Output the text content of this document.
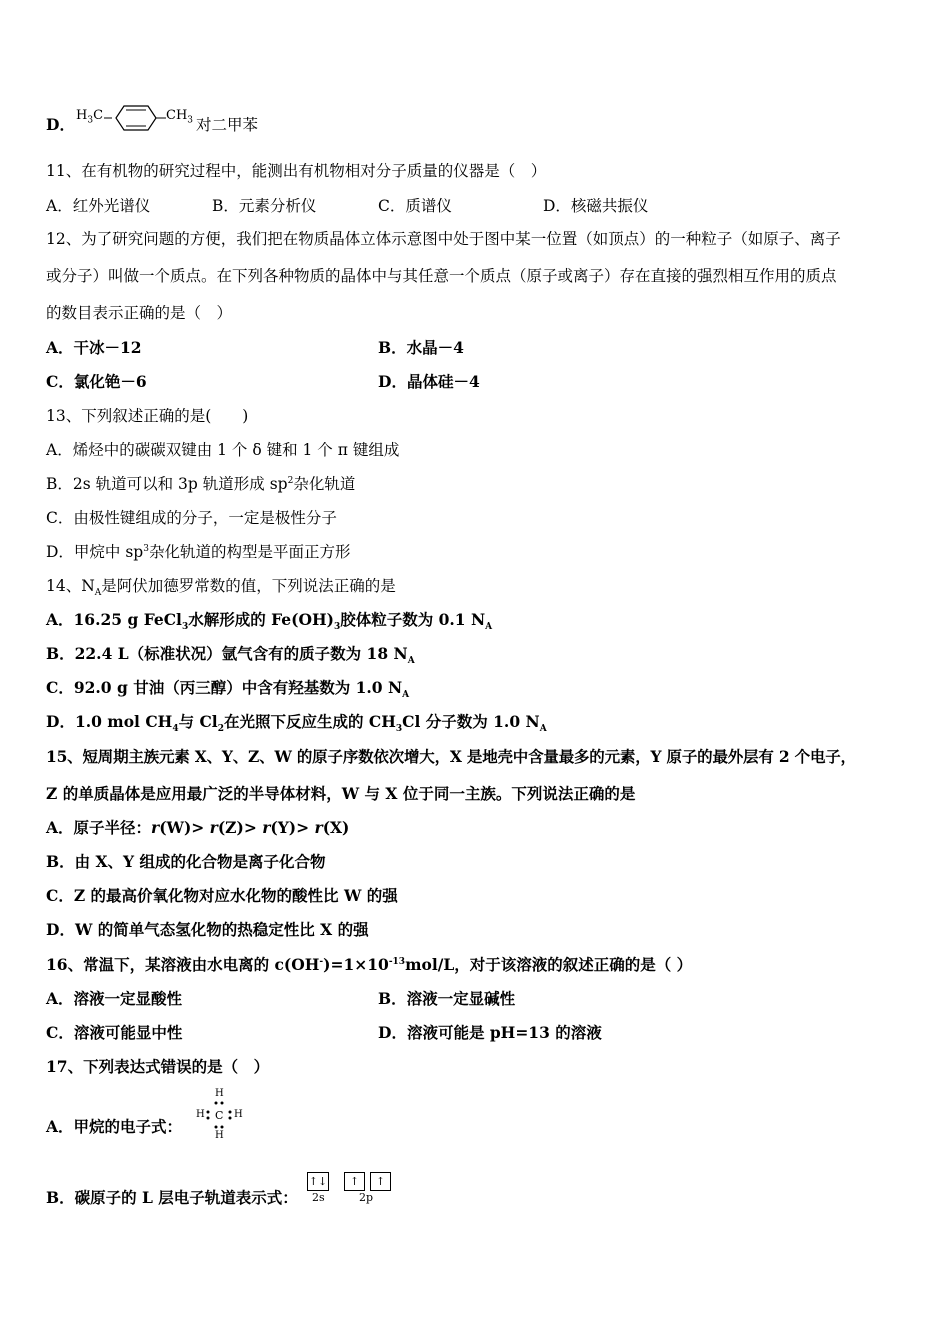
D． $H_3C$	$CH_3$ 对二甲苯
11、在有机物的研究过程中，能测出有机物相对分子质量的仪器是（　）
A．红外光谱仪	B．元素分析仪	C．质谱仪	D．核磁共振仪
12、为了研究问题的方便，我们把在物质晶体立体示意图中处于图中某一位置（如顶点）的一种粒子（如原子、离子
或分子）叫做一个质点。在下列各种物质的晶体中与其任意一个质点（原子或离子）存在直接的强烈相互作用的质点
的数目表示正确的是（　）
A．干冰－12	B．水晶－4
C．氯化铯－6	D．晶体硅－4
13、下列叙述正确的是(　　)
A．烯烃中的碳碳双键由 1 个 δ 键和 1 个 π 键组成
B．2s 轨道可以和 3p 轨道形成 $sp^2$杂化轨道
C．由极性键组成的分子，一定是极性分子
D．甲烷中 $sp^3$杂化轨道的构型是平面正方形
14、$N_A$是阿伏加德罗常数的值，下列说法正确的是
A．16.25 g FeCl$_3$水解形成的 $Fe(OH)_3$胶体粒子数为 0.1 $N_A$
B．22.4 L（标准状况）氩气含有的质子数为 18 $N_A$
C．92.0 g 甘油（丙三醇）中含有羟基数为 1.0 $N_A$
D．1.0 mol $CH_4$与 $Cl_2$在光照下反应生成的 $CH_3Cl$ 分子数为 1.0 $N_A$
15、短周期主族元素 X、Y、Z、W 的原子序数依次增大，X 是地壳中含量最多的元素，Y 原子的最外层有 2 个电子，
Z 的单质晶体是应用最广泛的半导体材料，W 与 X 位于同一主族。下列说法正确的是
A．原子半径：r(W)> r(Z)> r(Y)> r(X)
B．由 X、Y 组成的化合物是离子化合物
C．Z 的最高价氧化物对应水化物的酸性比 W 的强
D．W 的简单气态氢化物的热稳定性比 X 的强
16、常温下，某溶液由水电离的 $c(OH^-)=1\times 10^{-13}mol/L$，对于该溶液的叙述正确的是（ ）
A．溶液一定显酸性	B．溶液一定显碱性
C．溶液可能显中性	D．溶液可能是 pH=13 的溶液
17、下列表达式错误的是（　）
A．甲烷的电子式：
H
H
H	H
C
B．碳原子的 L 层电子轨道表示式：
↑↓	↑	↑
2s	2p
